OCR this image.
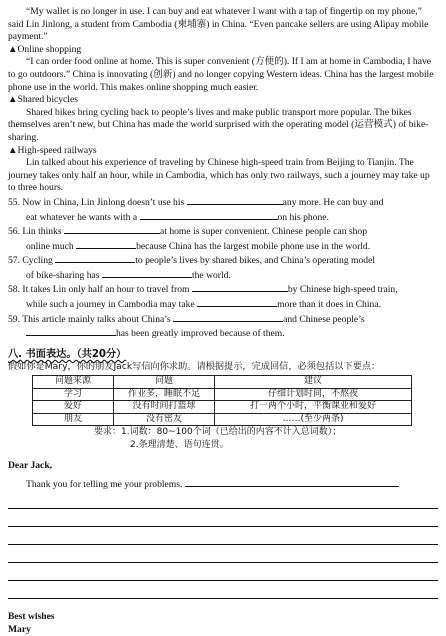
“My wallet is no longer in use. I can buy and eat whatever I want with a tap of fingertip on my phone,” said Lin Jinlong, a student from Cambodia (柬埔寨) in China. “Even pancake sellers are using Alipay mobile payment.”

▲Online shopping

“I can order food online at home. This is super convenient (方便的). If I am at home in Cambodia, I have to go outdoors.” China is innovating (创新) and no longer copying Western ideas. China has the largest mobile phone use in the world. This makes online shopping much easier.

▲Shared bicycles

Shared bikes bring cycling back to people’s lives and make public transport more popular. The bikes themselves aren’t new, but China has made the world surprised with the operating model (运营模式) of bike-sharing.

▲High-speed railways

Lin talked about his experience of traveling by Chinese high-speed train from Beijing to Tianjin. The journey takes only half an hour, while in Cambodia, which has only two railways, such a journey may take up to three hours.

55. Now in China, Lin Jinlong doesn’t use his	any more. He can buy and

eat whatever he wants with a	on his phone.

56. Lin thinks	at home is super convenient. Chinese people can shop

online much	because China has the largest mobile phone use in the world.

57. Cycling	to people’s lives by shared bikes, and China’s operating model

of bike-sharing has	the world.

58. It takes Lin only half an hour to travel from	by Chinese high-speed train,

while such a journey in Cambodia may take	more than it does in China.

59. This article mainly talks about China’s	and Chinese people’s

has been greatly improved because of them.

八. 书面表达。（共20分）

假如你是Mary，你的朋友Jack写信向你求助。请根据提示，完成回信，必须包括以下要点：

问题来源	问题	建议
学习	作业多，睡眠不足	仔细计划时间，不熬夜
爱好	没有时间打篮球	打一两个小时，平衡课业和爱好
朋友	没有密友	……(至少两条)

要求：1.词数：80~100个词（已给出的内容不计入总词数）；

2.条理清楚、语句连贯。

Dear Jack,

Thank you for telling me your problems.

Best wishes

Mary
